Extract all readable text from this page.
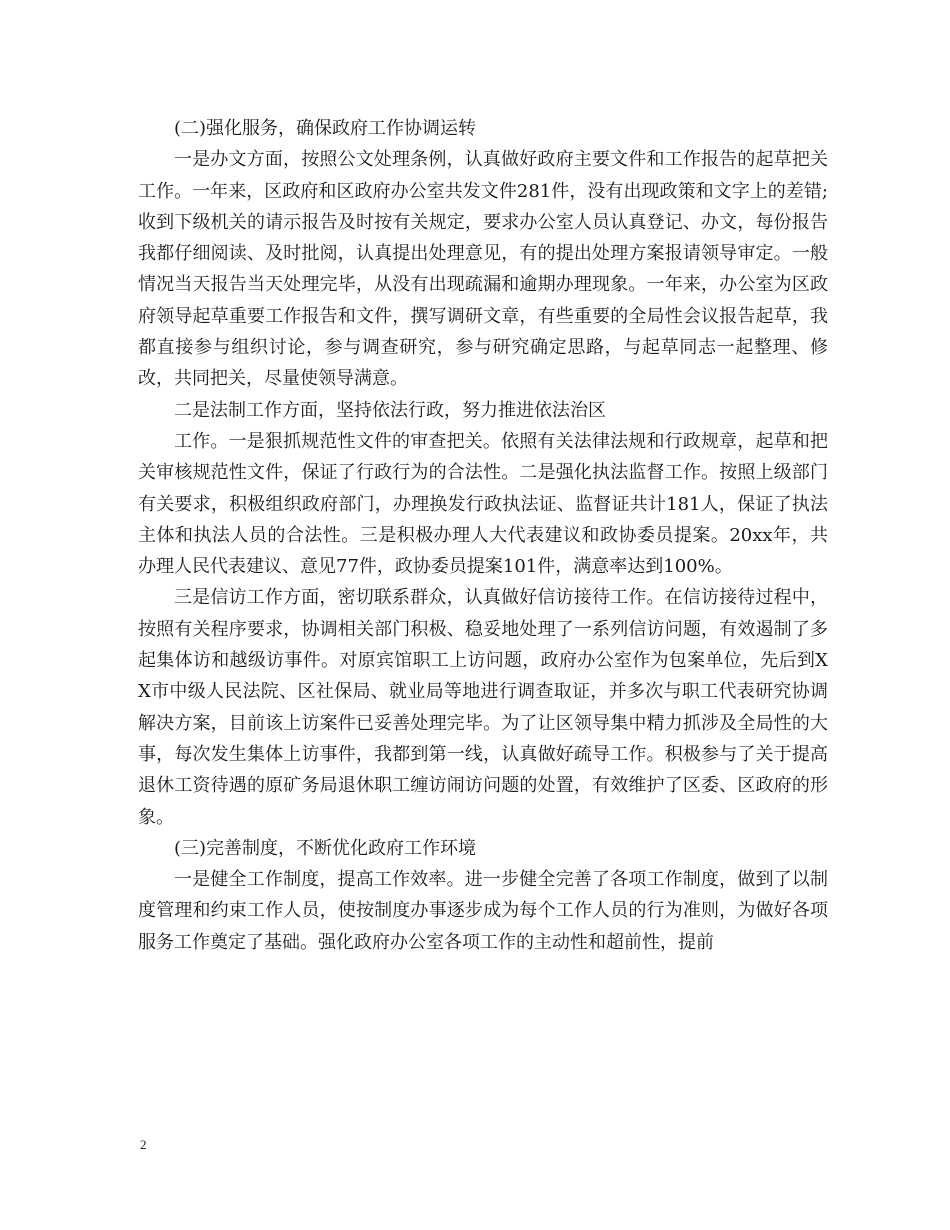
(二)强化服务，确保政府工作协调运转

一是办文方面，按照公文处理条例，认真做好政府主要文件和工作报告的起草把关工作。一年来，区政府和区政府办公室共发文件281件，没有出现政策和文字上的差错;收到下级机关的请示报告及时按有关规定，要求办公室人员认真登记、办文，每份报告我都仔细阅读、及时批阅，认真提出处理意见，有的提出处理方案报请领导审定。一般情况当天报告当天处理完毕，从没有出现疏漏和逾期办理现象。一年来，办公室为区政府领导起草重要工作报告和文件，撰写调研文章，有些重要的全局性会议报告起草，我都直接参与组织讨论，参与调查研究，参与研究确定思路，与起草同志一起整理、修改，共同把关，尽量使领导满意。

二是法制工作方面，坚持依法行政，努力推进依法治区

工作。一是狠抓规范性文件的审查把关。依照有关法律法规和行政规章，起草和把关审核规范性文件，保证了行政行为的合法性。二是强化执法监督工作。按照上级部门有关要求，积极组织政府部门，办理换发行政执法证、监督证共计181人，保证了执法主体和执法人员的合法性。三是积极办理人大代表建议和政协委员提案。20xx年，共办理人民代表建议、意见77件，政协委员提案101件，满意率达到100%。

三是信访工作方面，密切联系群众，认真做好信访接待工作。在信访接待过程中，按照有关程序要求，协调相关部门积极、稳妥地处理了一系列信访问题，有效遏制了多起集体访和越级访事件。对原宾馆职工上访问题，政府办公室作为包案单位，先后到XX市中级人民法院、区社保局、就业局等地进行调查取证，并多次与职工代表研究协调解决方案，目前该上访案件已妥善处理完毕。为了让区领导集中精力抓涉及全局性的大事，每次发生集体上访事件，我都到第一线，认真做好疏导工作。积极参与了关于提高退休工资待遇的原矿务局退休职工缠访闹访问题的处置，有效维护了区委、区政府的形象。

(三)完善制度，不断优化政府工作环境

一是健全工作制度，提高工作效率。进一步健全完善了各项工作制度，做到了以制度管理和约束工作人员，使按制度办事逐步成为每个工作人员的行为准则，为做好各项服务工作奠定了基础。强化政府办公室各项工作的主动性和超前性，提前

2
